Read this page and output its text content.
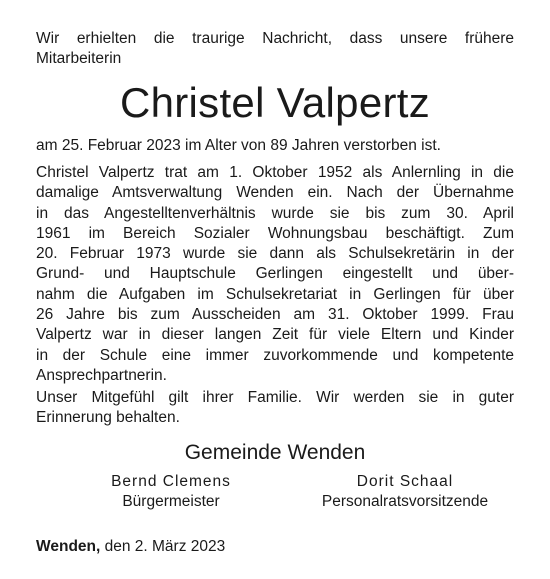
Wir erhielten die traurige Nachricht, dass unsere frühere
Mitarbeiterin
Christel Valpertz
am 25. Februar 2023 im Alter von 89 Jahren verstorben ist.
Christel Valpertz trat am 1. Oktober 1952 als Anlernling in die
damalige Amtsverwaltung Wenden ein. Nach der Übernahme
in das Angestelltenverhältnis wurde sie bis zum 30. April
1961 im Bereich Sozialer Wohnungsbau beschäftigt. Zum
20. Februar 1973 wurde sie dann als Schulsekretärin in der
Grund- und Hauptschule Gerlingen eingestellt und über-
nahm die Aufgaben im Schulsekretariat in Gerlingen für über
26 Jahre bis zum Ausscheiden am 31. Oktober 1999. Frau
Valpertz war in dieser langen Zeit für viele Eltern und Kinder
in der Schule eine immer zuvorkommende und kompetente
Ansprechpartnerin.
Unser Mitgefühl gilt ihrer Familie. Wir werden sie in guter
Erinnerung behalten.
Gemeinde Wenden
Bernd Clemens
Bürgermeister
Dorit Schaal
Personalratsvorsitzende
Wenden, den 2. März 2023
